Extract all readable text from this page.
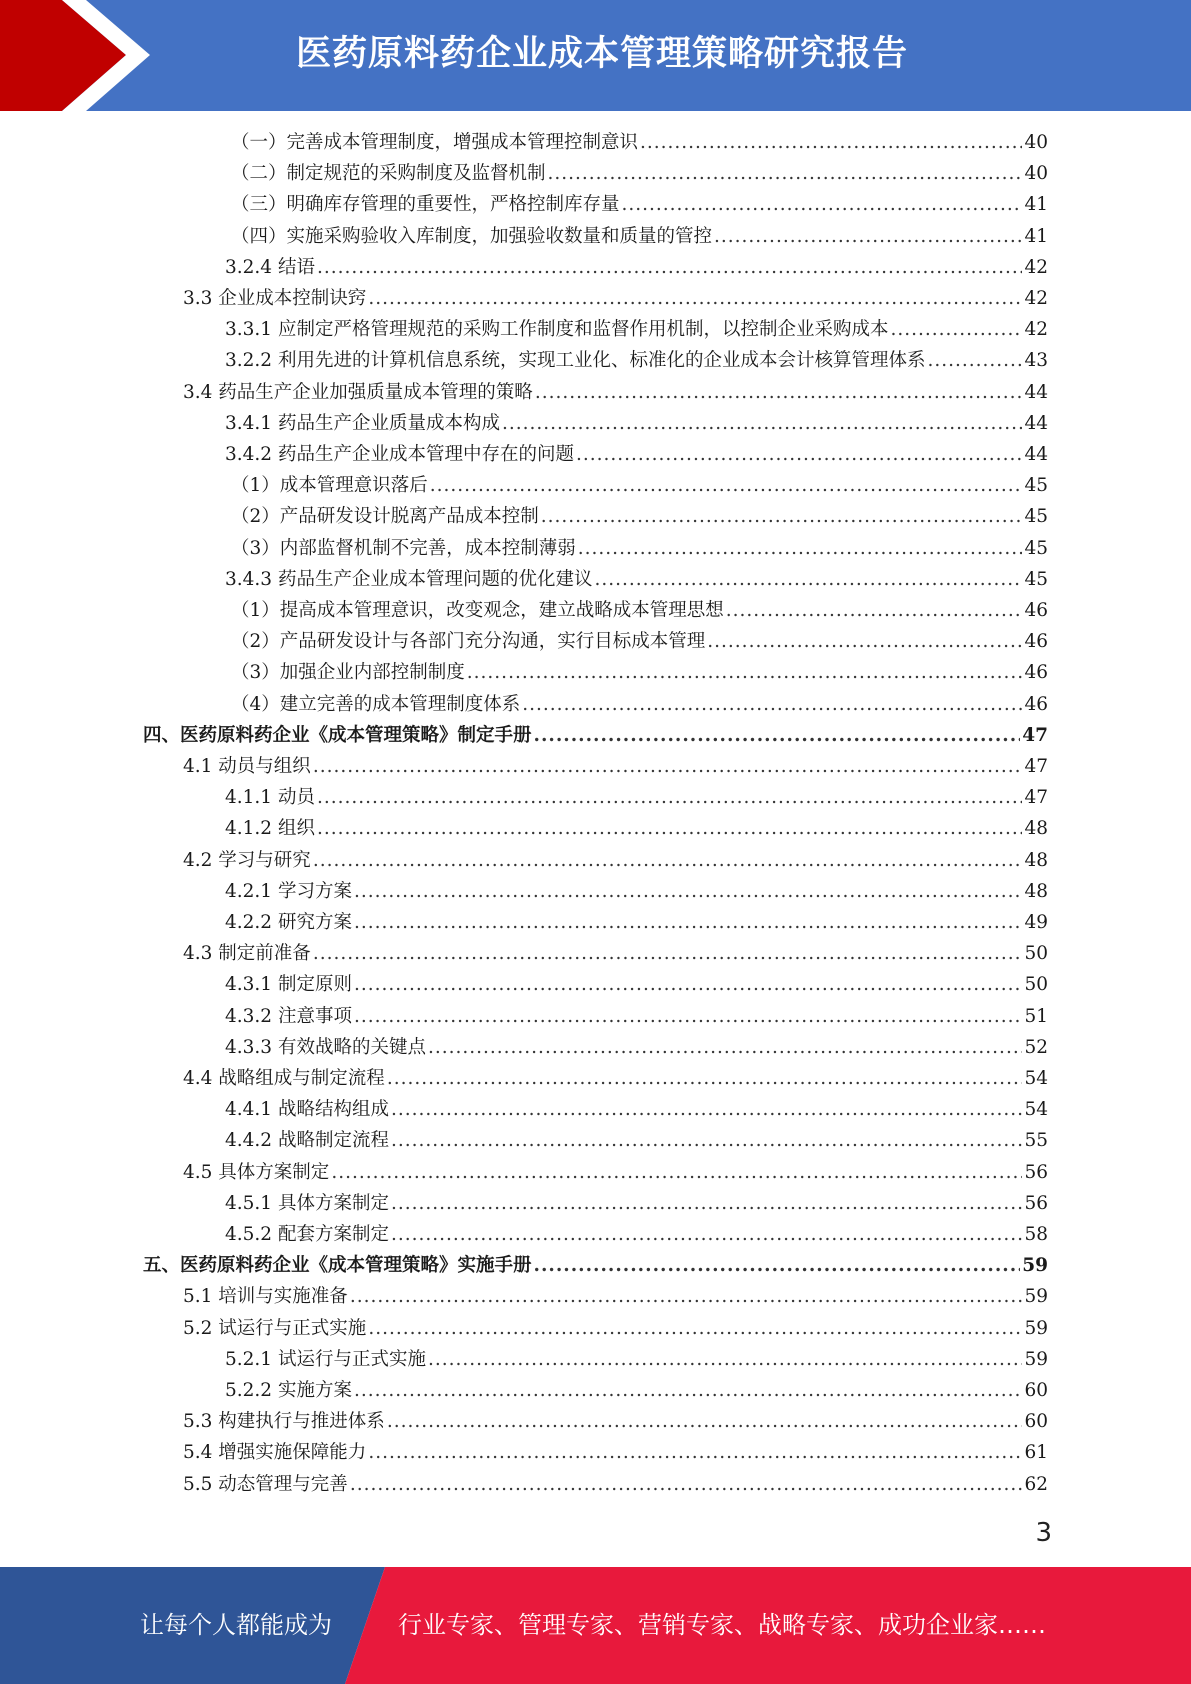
医药原料药企业成本管理策略研究报告
（一）完善成本管理制度，增强成本管理控制意识 .....	40
（二）制定规范的采购制度及监督机制 .....	40
（三）明确库存管理的重要性，严格控制库存量 .....	41
（四）实施采购验收入库制度，加强验收数量和质量的管控 .....	41
3.2.4 结语 .....	42
3.3 企业成本控制诀窍 .....	42
3.3.1 应制定严格管理规范的采购工作制度和监督作用机制，以控制企业采购成本 .....	42
3.2.2 利用先进的计算机信息系统，实现工业化、标准化的企业成本会计核算管理体系 .....	43
3.4 药品生产企业加强质量成本管理的策略 .....	44
3.4.1 药品生产企业质量成本构成 .....	44
3.4.2 药品生产企业成本管理中存在的问题 .....	44
（1）成本管理意识落后 .....	45
（2）产品研发设计脱离产品成本控制 .....	45
（3）内部监督机制不完善，成本控制薄弱 .....	45
3.4.3 药品生产企业成本管理问题的优化建议 .....	45
（1）提高成本管理意识，改变观念，建立战略成本管理思想 .....	46
（2）产品研发设计与各部门充分沟通，实行目标成本管理 .....	46
（3）加强企业内部控制制度 .....	46
（4）建立完善的成本管理制度体系 .....	46
四、医药原料药企业《成本管理策略》制定手册 .....	47
4.1 动员与组织 .....	47
4.1.1 动员 .....	47
4.1.2 组织 .....	48
4.2 学习与研究 .....	48
4.2.1 学习方案 .....	48
4.2.2 研究方案 .....	49
4.3 制定前准备 .....	50
4.3.1 制定原则 .....	50
4.3.2 注意事项 .....	51
4.3.3 有效战略的关键点 .....	52
4.4 战略组成与制定流程 .....	54
4.4.1 战略结构组成 .....	54
4.4.2 战略制定流程 .....	55
4.5 具体方案制定 .....	56
4.5.1 具体方案制定 .....	56
4.5.2 配套方案制定 .....	58
五、医药原料药企业《成本管理策略》实施手册 .....	59
5.1 培训与实施准备 .....	59
5.2 试运行与正式实施 .....	59
5.2.1 试运行与正式实施 .....	59
5.2.2 实施方案 .....	60
5.3 构建执行与推进体系 .....	60
5.4 增强实施保障能力 .....	61
5.5 动态管理与完善 .....	62
3
让每个人都能成为	行业专家、管理专家、营销专家、战略专家、成功企业家……
